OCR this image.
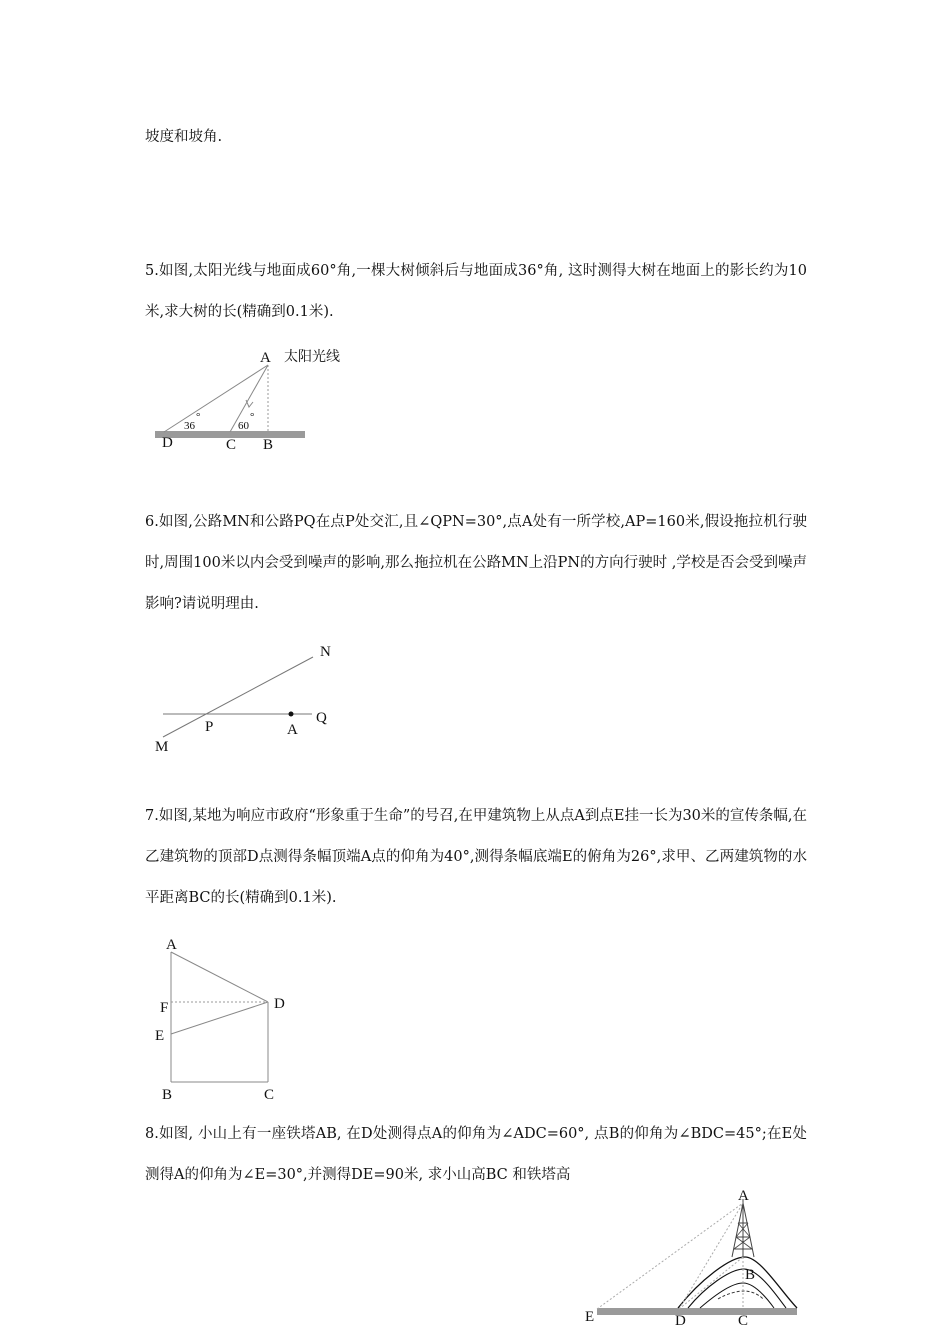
坡度和坡角.

5.如图,太阳光线与地面成60°角,一棵大树倾斜后与地面成36°角, 这时测得大树在地面上的影长约为10米,求大树的长(精确到0.1米).

A 太阳光线
36
°
60
°
D	C B

6.如图,公路MN和公路PQ在点P处交汇,且∠QPN=30°,点A处有一所学校,AP=160米,假设拖拉机行驶时,周围100米以内会受到噪声的影响,那么拖拉机在公路MN上沿PN的方向行驶时 ,学校是否会受到噪声影响?请说明理由.

N
Q
P	A
M

7.如图,某地为响应市政府“形象重于生命”的号召,在甲建筑物上从点A到点E挂一长为30米的宣传条幅,在乙建筑物的顶部D点测得条幅顶端A点的仰角为40°,测得条幅底端E的俯角为26°,求甲、乙两建筑物的水平距离BC的长(精确到0.1米).

A
F
E
D
B	C

8.如图, 小山上有一座铁塔AB, 在D处测得点A的仰角为∠ADC=60°, 点B的仰角为∠BDC=45°;在E处测得A的仰角为∠E=30°,并测得DE=90米, 求小山高BC 和铁塔高

A
B
E	D	C
